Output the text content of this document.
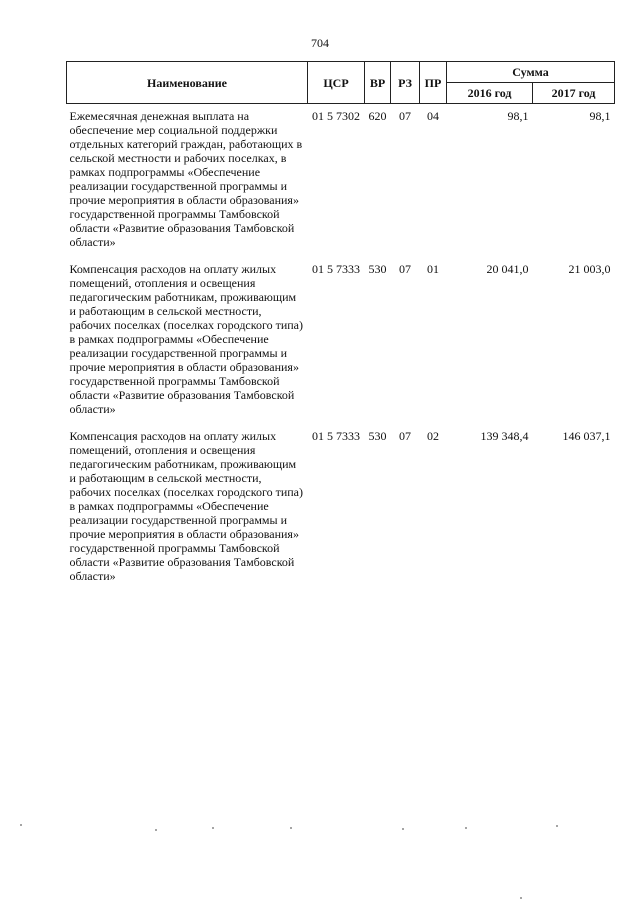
704
Наименование	ЦСР	ВР	РЗ	ПР	Сумма	
					2016 год	2017 год
Ежемесячная денежная выплата на обеспечение мер социальной поддержки отдельных категорий граждан, работающих в сельской местности и рабочих поселках, в рамках подпрограммы «Обеспечение реализации государственной программы и прочие мероприятия в области образования» государственной программы Тамбовской области «Развитие образования Тамбовской области»	01 5 7302	620	07	04	98,1	98,1
Компенсация расходов на оплату жилых помещений, отопления и освещения педагогическим работникам, проживающим и работающим в сельской местности, рабочих поселках (поселках городского типа) в рамках подпрограммы «Обеспечение реализации государственной программы и прочие мероприятия в области образования» государственной программы Тамбовской области «Развитие образования Тамбовской области»	01 5 7333	530	07	01	20 041,0	21 003,0
Компенсация расходов на оплату жилых помещений, отопления и освещения педагогическим работникам, проживающим и работающим в сельской местности, рабочих поселках (поселках городского типа) в рамках подпрограммы «Обеспечение реализации государственной программы и прочие мероприятия в области образования» государственной программы Тамбовской области «Развитие образования Тамбовской области»	01 5 7333	530	07	02	139 348,4	146 037,1
